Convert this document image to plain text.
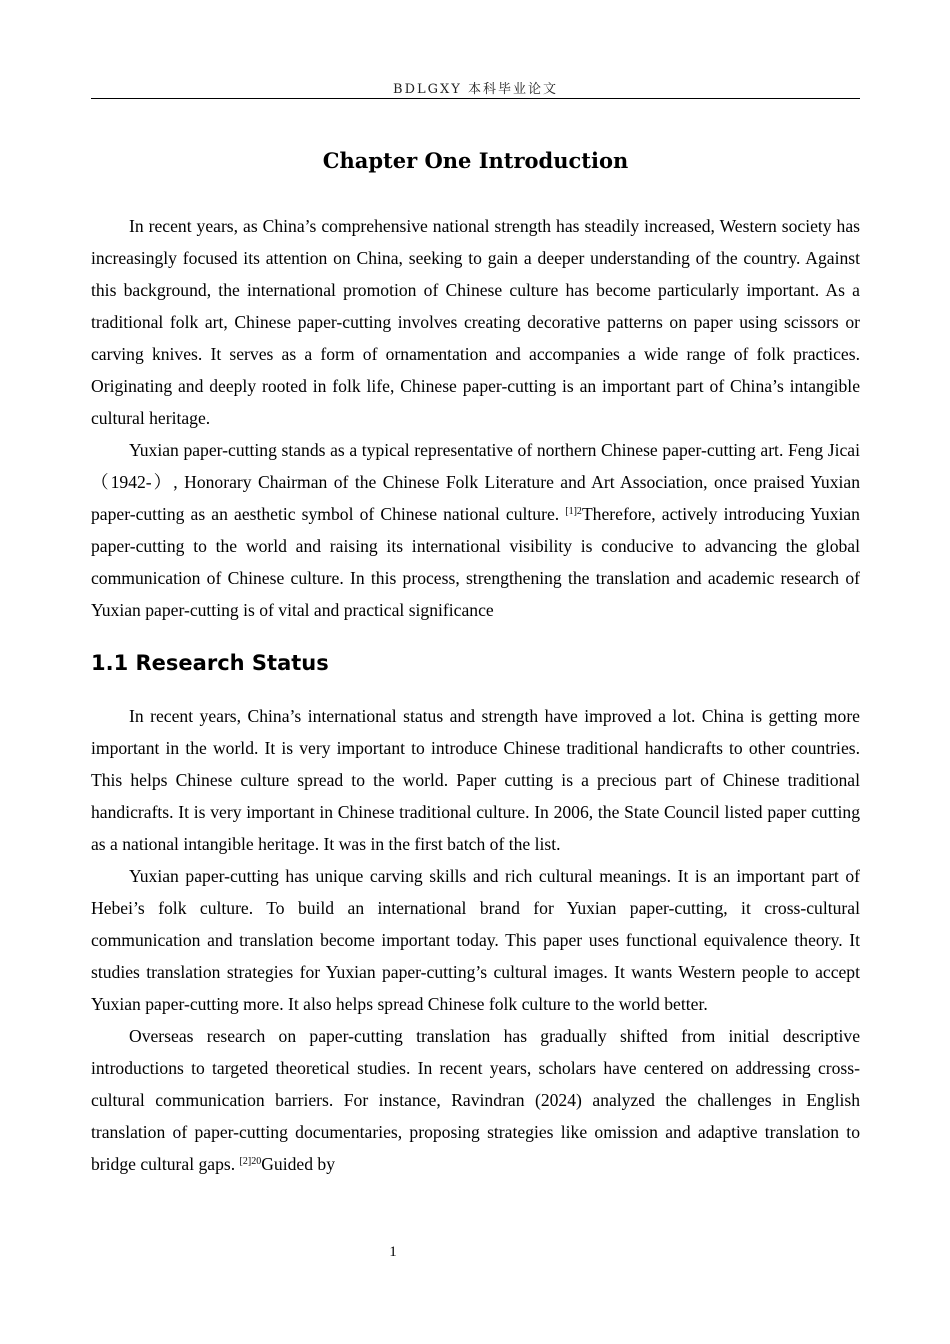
BDLGXY 本科毕业论文
Chapter One Introduction

In recent years, as China’s comprehensive national strength has steadily increased, Western society has increasingly focused its attention on China, seeking to gain a deeper understanding of the country. Against this background, the international promotion of Chinese culture has become particularly important. As a traditional folk art, Chinese paper-cutting involves creating decorative patterns on paper using scissors or carving knives. It serves as a form of ornamentation and accompanies a wide range of folk practices. Originating and deeply rooted in folk life, Chinese paper-cutting is an important part of China’s intangible cultural heritage.

Yuxian paper-cutting stands as a typical representative of northern Chinese paper-cutting art. Feng Jicai（1942-）, Honorary Chairman of the Chinese Folk Literature and Art Association, once praised Yuxian paper-cutting as an aesthetic symbol of Chinese national culture. $^{[1]2}$Therefore, actively introducing Yuxian paper-cutting to the world and raising its international visibility is conducive to advancing the global communication of Chinese culture. In this process, strengthening the translation and academic research of Yuxian paper-cutting is of vital and practical significance

1.1 Research Status

In recent years, China’s international status and strength have improved a lot. China is getting more important in the world. It is very important to introduce Chinese traditional handicrafts to other countries. This helps Chinese culture spread to the world. Paper cutting is a precious part of Chinese traditional handicrafts. It is very important in Chinese traditional culture. In 2006, the State Council listed paper cutting as a national intangible heritage. It was in the first batch of the list.

Yuxian paper-cutting has unique carving skills and rich cultural meanings. It is an important part of Hebei’s folk culture. To build an international brand for Yuxian paper-cutting, it cross-cultural communication and translation become important today. This paper uses functional equivalence theory. It studies translation strategies for Yuxian paper-cutting’s cultural images. It wants Western people to accept Yuxian paper-cutting more. It also helps spread Chinese folk culture to the world better.

Overseas research on paper-cutting translation has gradually shifted from initial descriptive introductions to targeted theoretical studies. In recent years, scholars have centered on addressing cross-cultural communication barriers. For instance, Ravindran (2024) analyzed the challenges in English translation of paper-cutting documentaries, proposing strategies like omission and adaptive translation to bridge cultural gaps. $^{[2]20}$Guided by

1
